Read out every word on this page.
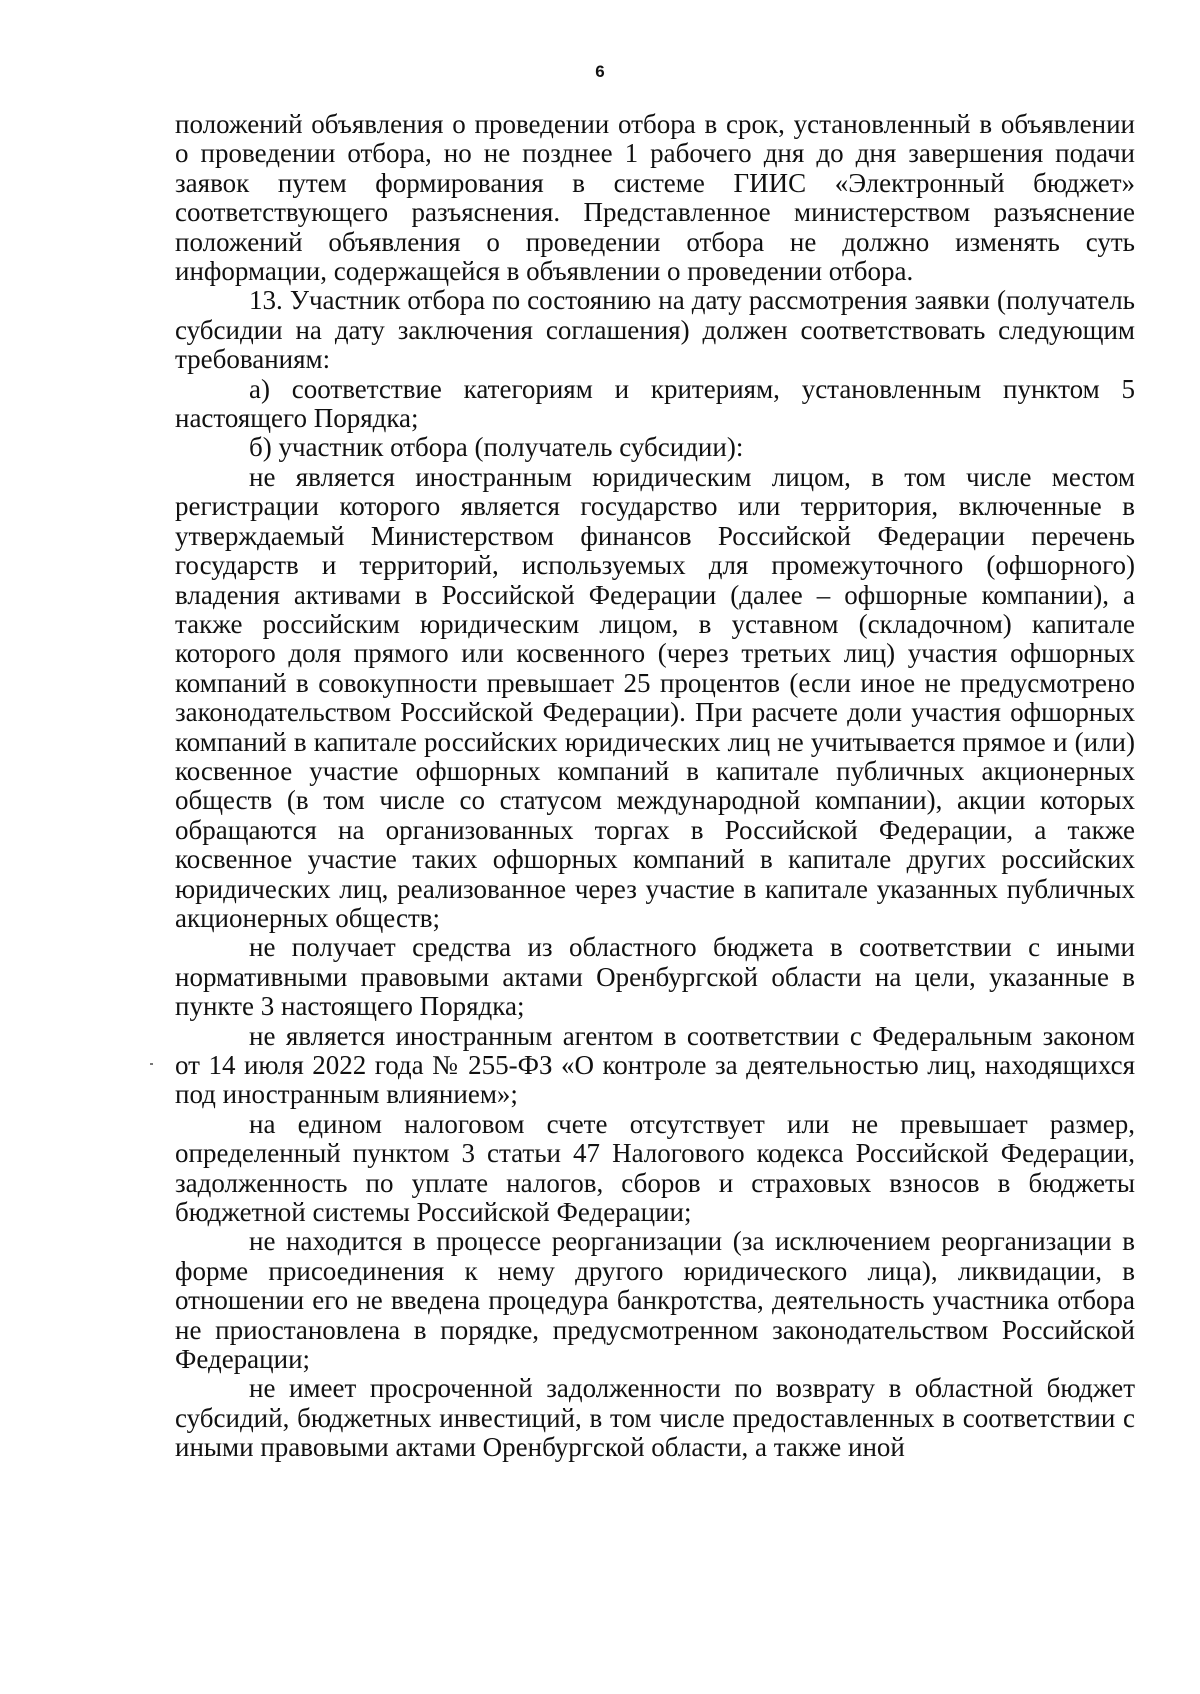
6

положений объявления о проведении отбора в срок, установленный в объявлении о проведении отбора, но не позднее 1 рабочего дня до дня завершения подачи заявок путем формирования в системе ГИИС «Электронный бюджет» соответствующего разъяснения. Представленное министерством разъяснение положений объявления о проведении отбора не должно изменять суть информации, содержащейся в объявлении о проведении отбора.

13. Участник отбора по состоянию на дату рассмотрения заявки (получатель субсидии на дату заключения соглашения) должен соответствовать следующим требованиям:

а) соответствие категориям и критериям, установленным пунктом 5 настоящего Порядка;

б) участник отбора (получатель субсидии):

не является иностранным юридическим лицом, в том числе местом регистрации которого является государство или территория, включенные в утверждаемый Министерством финансов Российской Федерации перечень государств и территорий, используемых для промежуточного (офшорного) владения активами в Российской Федерации (далее – офшорные компании), а также российским юридическим лицом, в уставном (складочном) капитале которого доля прямого или косвенного (через третьих лиц) участия офшорных компаний в совокупности превышает 25 процентов (если иное не предусмотрено законодательством Российской Федерации). При расчете доли участия офшорных компаний в капитале российских юридических лиц не учитывается прямое и (или) косвенное участие офшорных компаний в капитале публичных акционерных обществ (в том числе со статусом международной компании), акции которых обращаются на организованных торгах в Российской Федерации, а также косвенное участие таких офшорных компаний в капитале других российских юридических лиц, реализованное через участие в капитале указанных публичных акционерных обществ;

не получает средства из областного бюджета в соответствии с иными нормативными правовыми актами Оренбургской области на цели, указанные в пункте 3 настоящего Порядка;

не является иностранным агентом в соответствии с Федеральным законом от 14 июля 2022 года № 255-ФЗ «О контроле за деятельностью лиц, находящихся под иностранным влиянием»;

на едином налоговом счете отсутствует или не превышает размер, определенный пунктом 3 статьи 47 Налогового кодекса Российской Федерации, задолженность по уплате налогов, сборов и страховых взносов в бюджеты бюджетной системы Российской Федерации;

не находится в процессе реорганизации (за исключением реорганизации в форме присоединения к нему другого юридического лица), ликвидации, в отношении его не введена процедура банкротства, деятельность участника отбора не приостановлена в порядке, предусмотренном законодательством Российской Федерации;

не имеет просроченной задолженности по возврату в областной бюджет субсидий, бюджетных инвестиций, в том числе предоставленных в соответствии с иными правовыми актами Оренбургской области, а также иной
